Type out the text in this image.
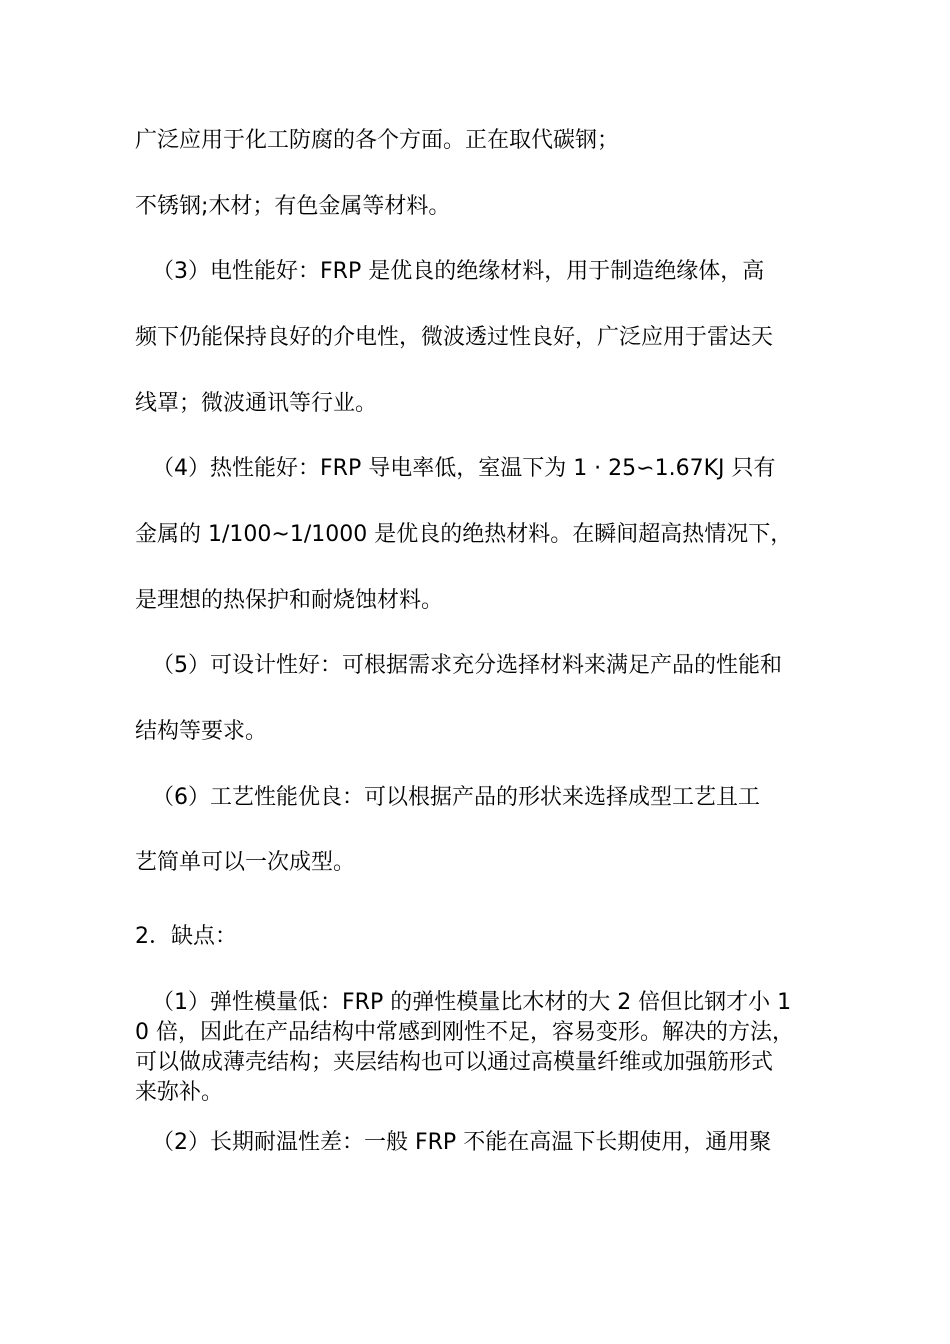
广泛应用于化工防腐的各个方面。正在取代碳钢；

不锈钢;木材；有色金属等材料。

（3）电性能好：FRP 是优良的绝缘材料，用于制造绝缘体，高

频下仍能保持良好的介电性，微波透过性良好，广泛应用于雷达天

线罩；微波通讯等行业。

（4）热性能好：FRP 导电率低，室温下为 1 · 25∽1.67KJ 只有

金属的 1/100~1/1000 是优良的绝热材料。在瞬间超高热情况下，

是理想的热保护和耐烧蚀材料。

（5）可设计性好：可根据需求充分选择材料来满足产品的性能和

结构等要求。

（6）工艺性能优良：可以根据产品的形状来选择成型工艺且工

艺简单可以一次成型。

2．缺点：

（1）弹性模量低：FRP 的弹性模量比木材的大 2 倍但比钢才小 1
0 倍，因此在产品结构中常感到刚性不足，容易变形。解决的方法，
可以做成薄壳结构；夹层结构也可以通过高模量纤维或加强筋形式
来弥补。

（2）长期耐温性差：一般 FRP 不能在高温下长期使用，通用聚
